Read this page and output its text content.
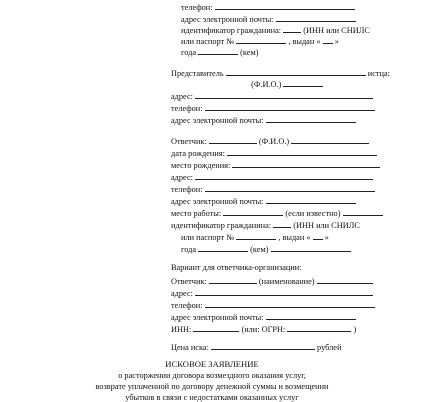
телефон:
адрес электронной почты:
идентификатор гражданина:	(ИНН или СНИЛС
или паспорт №	, выдан « »
года	(кем)
Представитель	истца:
(Ф.И.О.)
адрес:
телефон:
адрес электронной почты:
Ответчик:	(Ф.И.О.)
дата рождения:
место рождения:
адрес:
телефон:
адрес электронной почты:
место работы:	(если известно)
идентификатор гражданина:	(ИНН или СНИЛС
или паспорт №	, выдан « »
года	(кем)
Вариант для ответчика-организации:
Ответчик:	(наименование)
адрес:
телефон:
адрес электронной почты:
ИНН:	(или: ОГРН:	)
Цена иска:	рублей
ИСКОВОЕ ЗАЯВЛЕНИЕ
о расторжении договора возмездного оказания услуг,
возврате уплаченной по договору денежной суммы и возмещении
убытков в связи с недостатками оказанных услуг
